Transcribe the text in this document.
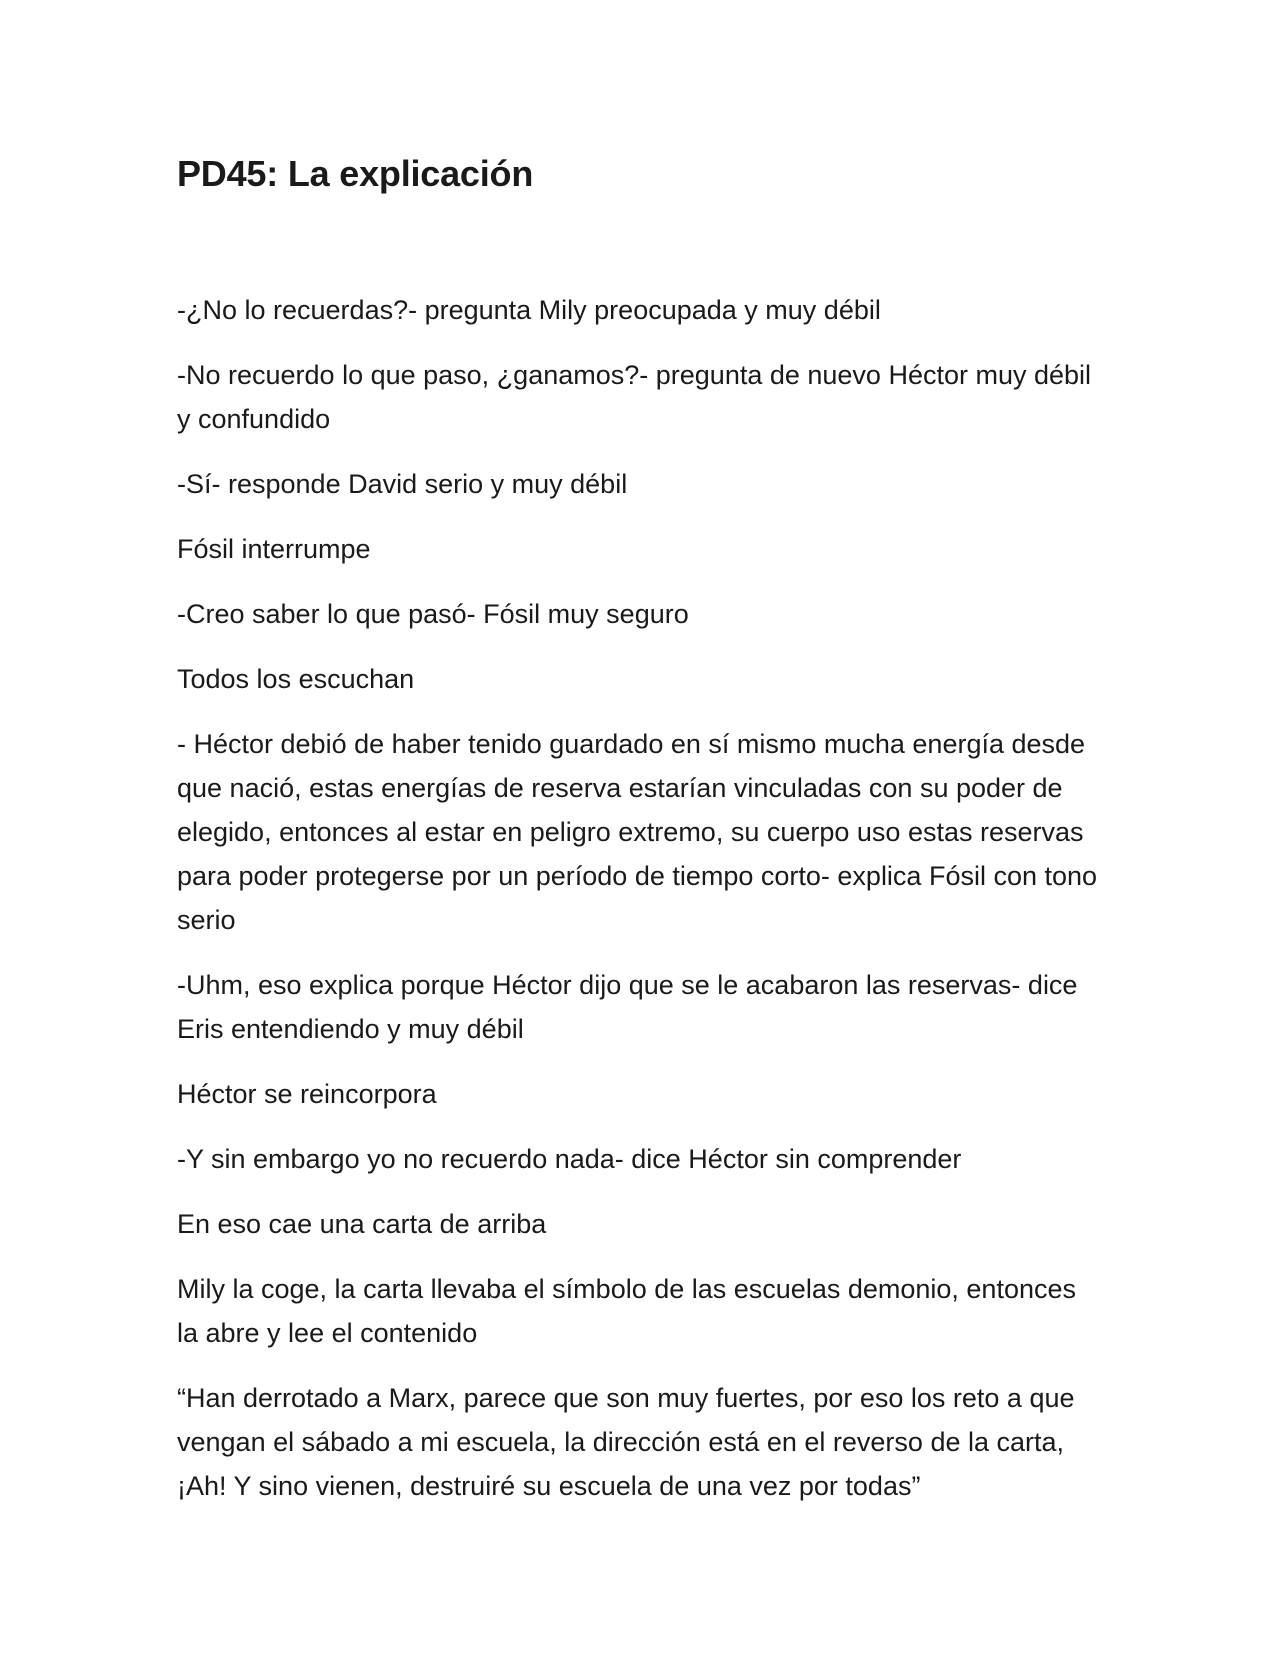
PD45: La explicación

-¿No lo recuerdas?- pregunta Mily preocupada y muy débil

-No recuerdo lo que paso, ¿ganamos?- pregunta de nuevo Héctor muy débil y confundido

-Sí- responde David serio y muy débil

Fósil interrumpe

-Creo saber lo que pasó- Fósil muy seguro

Todos los escuchan

- Héctor debió de haber tenido guardado en sí mismo mucha energía desde que nació, estas energías de reserva estarían vinculadas con su poder de elegido, entonces al estar en peligro extremo, su cuerpo uso estas reservas para poder protegerse por un período de tiempo corto- explica Fósil con tono serio

-Uhm, eso explica porque Héctor dijo que se le acabaron las reservas- dice Eris entendiendo y muy débil

Héctor se reincorpora

-Y sin embargo yo no recuerdo nada- dice Héctor sin comprender

En eso cae una carta de arriba

Mily la coge, la carta llevaba el símbolo de las escuelas demonio, entonces la abre y lee el contenido

“Han derrotado a Marx, parece que son muy fuertes, por eso los reto a que vengan el sábado a mi escuela, la dirección está en el reverso de la carta, ¡Ah! Y sino vienen, destruiré su escuela de una vez por todas”
